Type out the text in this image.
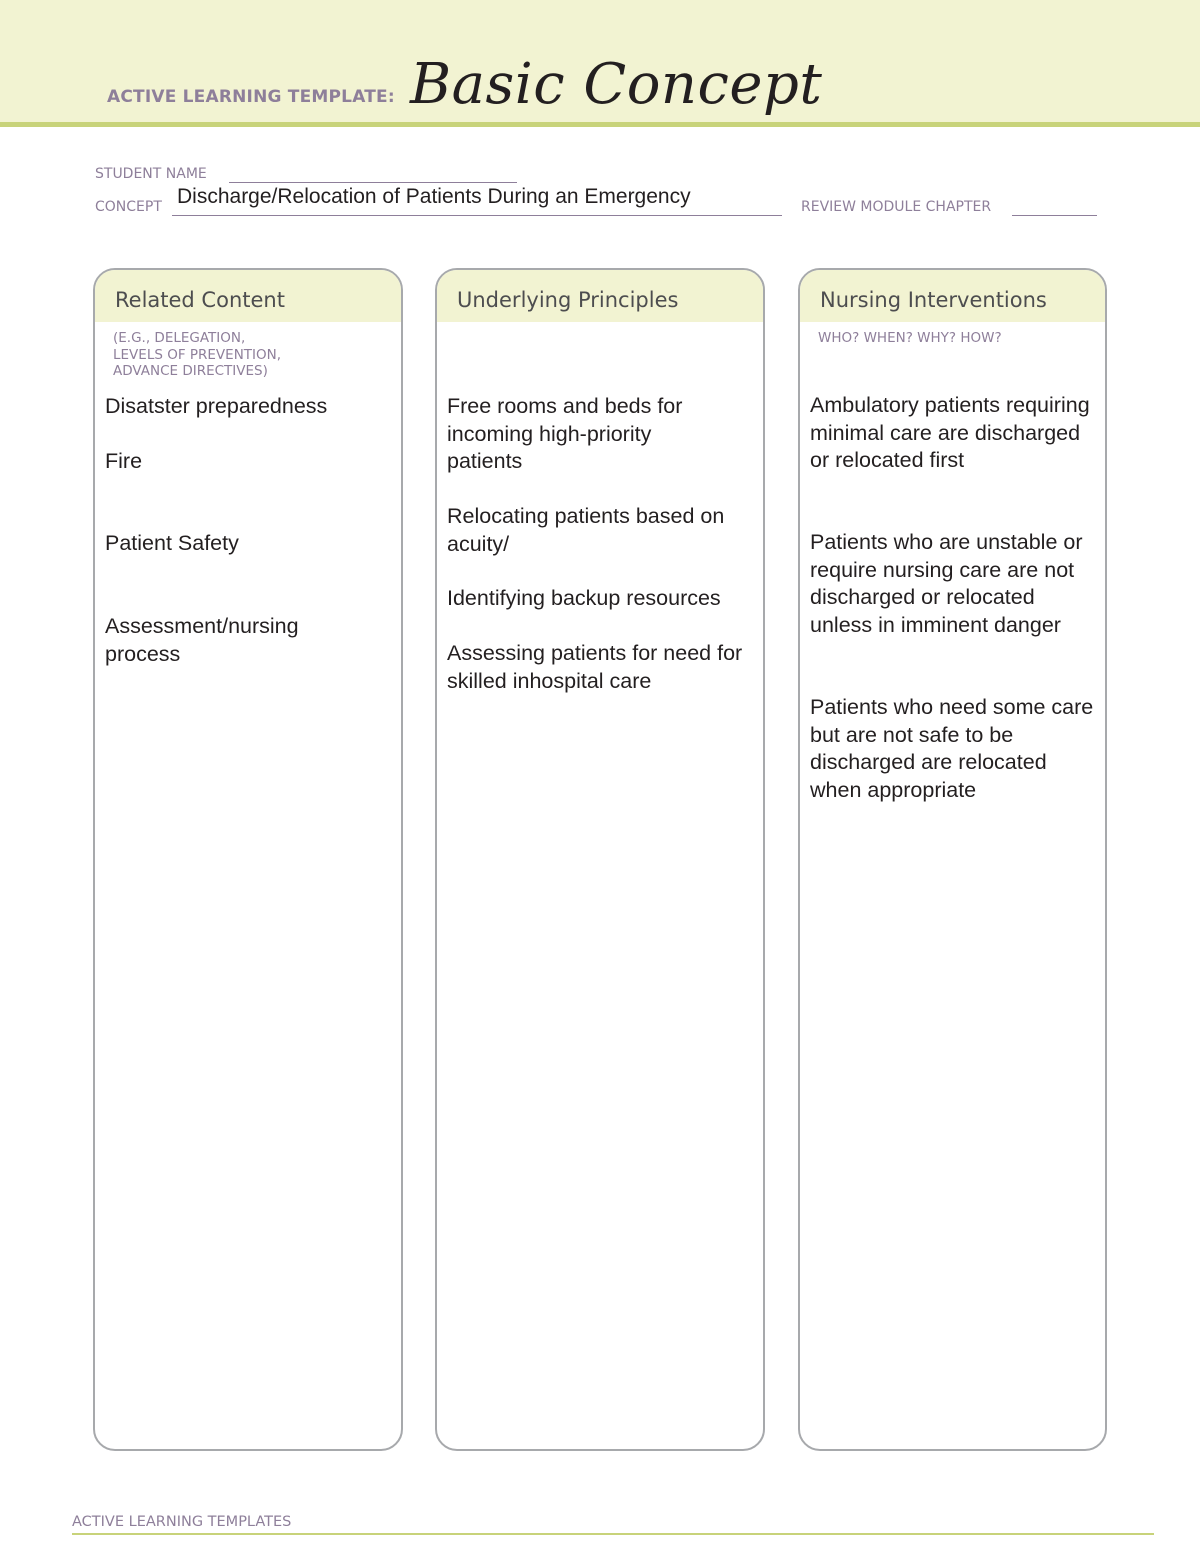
ACTIVE LEARNING TEMPLATE: Basic Concept
STUDENT NAME
CONCEPT Discharge/Relocation of Patients During an Emergency	REVIEW MODULE CHAPTER
Related Content
(E.G., DELEGATION,
LEVELS OF PREVENTION,
ADVANCE DIRECTIVES)
Disatster preparedness
Fire
Patient Safety
Assessment/nursing process
Underlying Principles
Free rooms and beds for incoming high-priority patients
Relocating patients based on acuity/
Identifying backup resources
Assessing patients for need for skilled inhospital care
Nursing Interventions
WHO? WHEN? WHY? HOW?
Ambulatory patients requiring minimal care are discharged or relocated first
Patients who are unstable or require nursing care are not discharged or relocated unless in imminent danger
Patients who need some care but are not safe to be discharged are relocated when appropriate
ACTIVE LEARNING TEMPLATES
